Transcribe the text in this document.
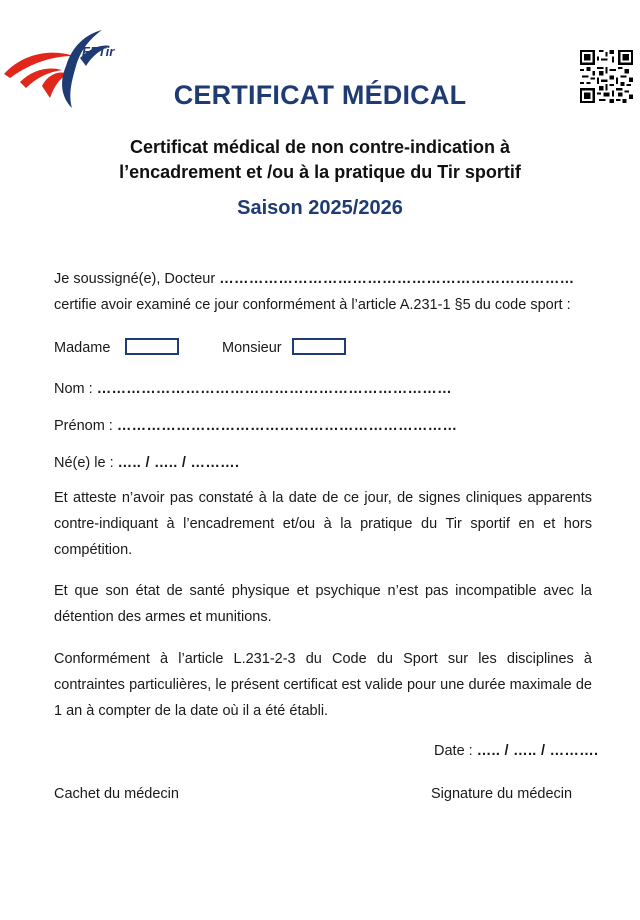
FFTir
CERTIFICAT MÉDICAL
Certificat médical de non contre-indication à
l’encadrement et /ou à la pratique du Tir sportif
Saison 2025/2026
Je soussigné(e), Docteur ………………………………………………………………
certifie avoir examiné ce jour conformément à l’article A.231-1 §5 du code sport :
Madame	Monsieur
Nom : ………………………………………………………………
Prénom : ……………………………………………………………
Né(e) le : ….. / ….. / ……….
Et atteste n’avoir pas constaté à la date de ce jour, de signes cliniques apparents contre-indiquant à l’encadrement et/ou à la pratique du Tir sportif en et hors compétition.
Et que son état de santé physique et psychique n’est pas incompatible avec la détention des armes et munitions.
Conformément à l’article L.231-2-3 du Code du Sport sur les disciplines à contraintes particulières, le présent certificat est valide pour une durée maximale de 1 an à compter de la date où il a été établi.
Date : ….. / ….. / ……….
Cachet du médecin	Signature du médecin
